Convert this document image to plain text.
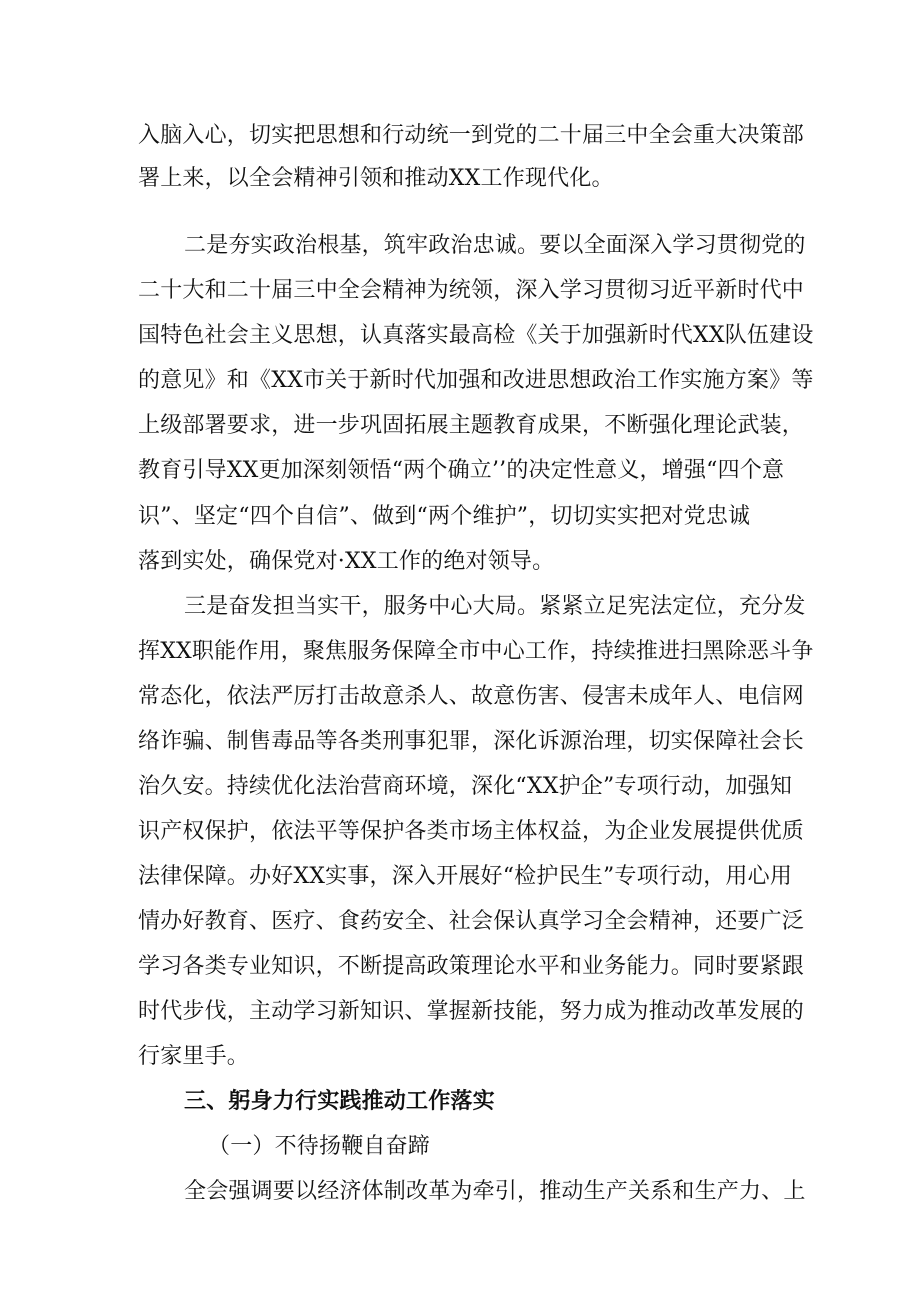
入脑入心，切实把思想和行动统一到党的二十届三中全会重大决策部
署上来，以全会精神引领和推动XX工作现代化。
二是夯实政治根基，筑牢政治忠诚。要以全面深入学习贯彻党的
二十大和二十届三中全会精神为统领，深入学习贯彻习近平新时代中
国特色社会主义思想，认真落实最高检《关于加强新时代XX队伍建设
的意见》和《XX市关于新时代加强和改进思想政治工作实施方案》等
上级部署要求，进一步巩固拓展主题教育成果，不断强化理论武装，
教育引导XX更加深刻领悟“两个确立’’的决定性意义，增强“四个意
识”、坚定“四个自信”、做到“两个维护”，切切实实把对党忠诚
落到实处，确保党对·XX工作的绝对领导。
三是奋发担当实干，服务中心大局。紧紧立足宪法定位，充分发
挥XX职能作用，聚焦服务保障全市中心工作，持续推进扫黑除恶斗争
常态化，依法严厉打击故意杀人、故意伤害、侵害未成年人、电信网
络诈骗、制售毒品等各类刑事犯罪，深化诉源治理，切实保障社会长
治久安。持续优化法治营商环境，深化“XX护企”专项行动，加强知
识产权保护，依法平等保护各类市场主体权益，为企业发展提供优质
法律保障。办好XX实事，深入开展好“检护民生”专项行动，用心用
情办好教育、医疗、食药安全、社会保认真学习全会精神，还要广泛
学习各类专业知识，不断提高政策理论水平和业务能力。同时要紧跟
时代步伐，主动学习新知识、掌握新技能，努力成为推动改革发展的
行家里手。
三、躬身力行实践推动工作落实
（一）不待扬鞭自奋蹄
全会强调要以经济体制改革为牵引，推动生产关系和生产力、上
